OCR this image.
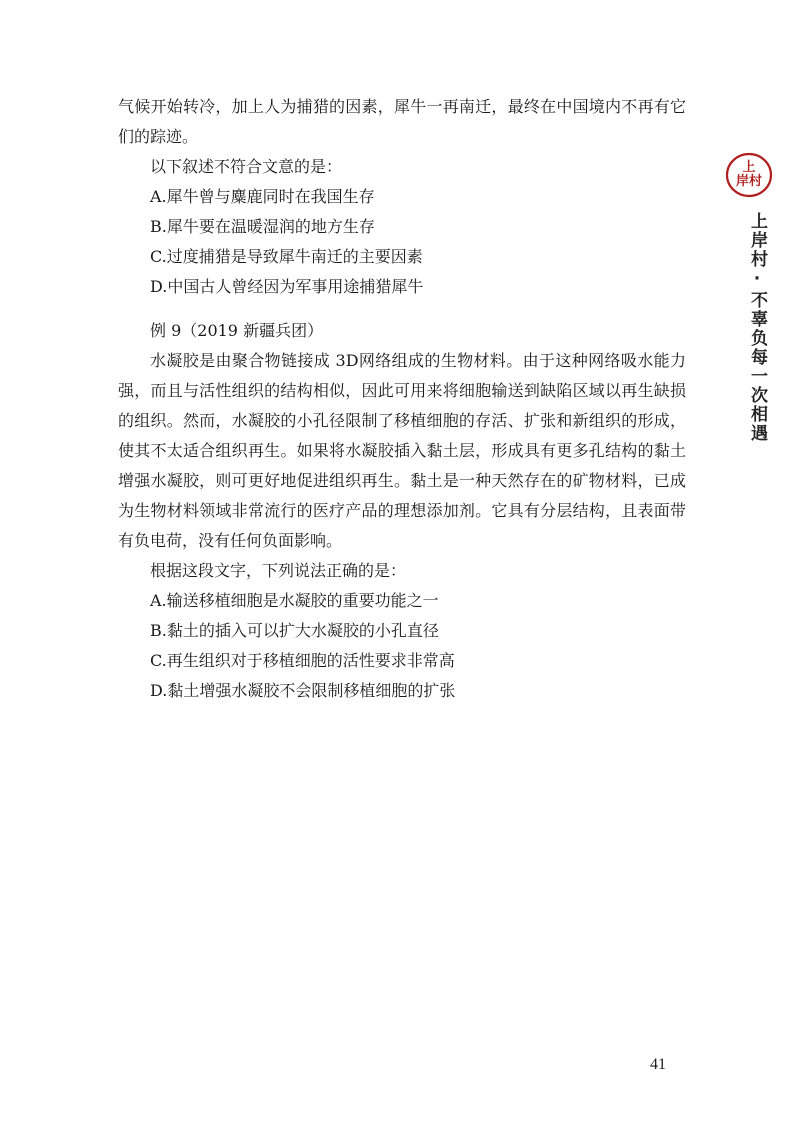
气候开始转冷，加上人为捕猎的因素，犀牛一再南迁，最终在中国境内不再有它们的踪迹。

以下叙述不符合文意的是：

A.犀牛曾与麋鹿同时在我国生存

B.犀牛要在温暖湿润的地方生存

C.过度捕猎是导致犀牛南迁的主要因素

D.中国古人曾经因为军事用途捕猎犀牛

例 9（2019 新疆兵团）

水凝胶是由聚合物链接成 3D网络组成的生物材料。由于这种网络吸水能力强，而且与活性组织的结构相似，因此可用来将细胞输送到缺陷区域以再生缺损的组织。然而，水凝胶的小孔径限制了移植细胞的存活、扩张和新组织的形成，使其不太适合组织再生。如果将水凝胶插入黏土层，形成具有更多孔结构的黏土增强水凝胶，则可更好地促进组织再生。黏土是一种天然存在的矿物材料，已成为生物材料领域非常流行的医疗产品的理想添加剂。它具有分层结构，且表面带有负电荷，没有任何负面影响。

根据这段文字，下列说法正确的是：

A.输送移植细胞是水凝胶的重要功能之一

B.黏土的插入可以扩大水凝胶的小孔直径

C.再生组织对于移植细胞的活性要求非常高

D.黏土增强水凝胶不会限制移植细胞的扩张

上
岸村
上岸村·不辜负每一次相遇
41
